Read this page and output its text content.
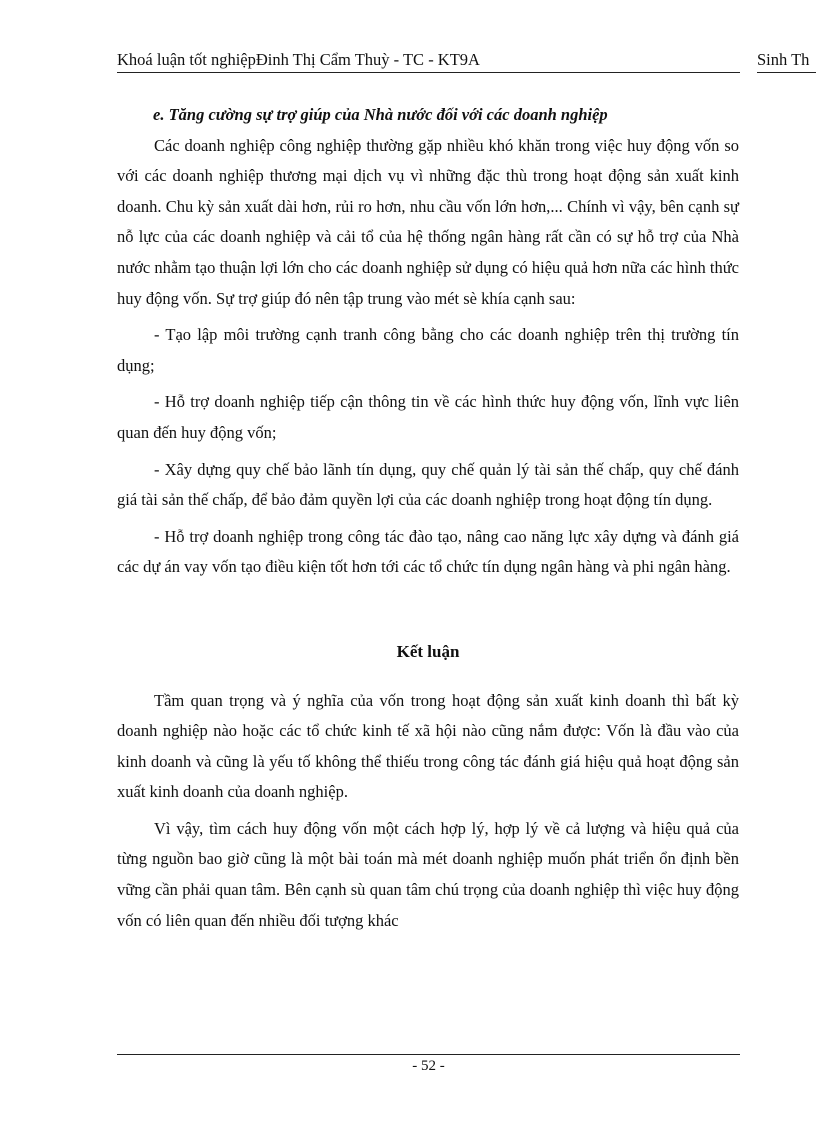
Khoá luận tốt nghiệpĐinh Thị Cẩm Thuỳ - TC - KT9A	Sinh Th

e. Tăng cường sự trợ giúp của Nhà nước đối với các doanh nghiệp

Các doanh nghiệp công nghiệp thường gặp nhiều khó khăn trong việc huy động vốn so với các doanh nghiệp thương mại dịch vụ vì những đặc thù trong hoạt động sản xuất kinh doanh. Chu kỳ sản xuất dài hơn, rủi ro hơn, nhu cầu vốn lớn hơn,... Chính vì vậy, bên cạnh sự nỗ lực của các doanh nghiệp và cải tổ của hệ thống ngân hàng rất cần có sự hỗ trợ của Nhà nước nhằm tạo thuận lợi lớn cho các doanh nghiệp sử dụng có hiệu quả hơn nữa các hình thức huy động vốn. Sự trợ giúp đó nên tập trung vào mét sè khía cạnh sau:

- Tạo lập môi trường cạnh tranh công bằng cho các doanh nghiệp trên thị trường tín dụng;

- Hỗ trợ doanh nghiệp tiếp cận thông tin về các hình thức huy động vốn, lĩnh vực liên quan đến huy động vốn;

- Xây dựng quy chế bảo lãnh tín dụng, quy chế quản lý tài sản thế chấp, quy chế đánh giá tài sản thế chấp, để bảo đảm quyền lợi của các doanh nghiệp trong hoạt động tín dụng.

- Hỗ trợ doanh nghiệp trong công tác đào tạo, nâng cao năng lực xây dựng và đánh giá các dự án vay vốn tạo điều kiện tốt hơn tới các tổ chức tín dụng ngân hàng và phi ngân hàng.

Kết luận

Tầm quan trọng và ý nghĩa của vốn trong hoạt động sản xuất kinh doanh thì bất kỳ doanh nghiệp nào hoặc các tổ chức kinh tế xã hội nào cũng nắm được: Vốn là đầu vào của kinh doanh và cũng là yếu tố không thể thiếu trong công tác đánh giá hiệu quả hoạt động sản xuất kinh doanh của doanh nghiệp.

Vì vậy, tìm cách huy động vốn một cách hợp lý, hợp lý về cả lượng và hiệu quả của từng nguồn bao giờ cũng là một bài toán mà mét doanh nghiệp muốn phát triển ổn định bền vững cần phải quan tâm. Bên cạnh sù quan tâm chú trọng của doanh nghiệp thì việc huy động vốn có liên quan đến nhiều đối tượng khác

- 52 -
